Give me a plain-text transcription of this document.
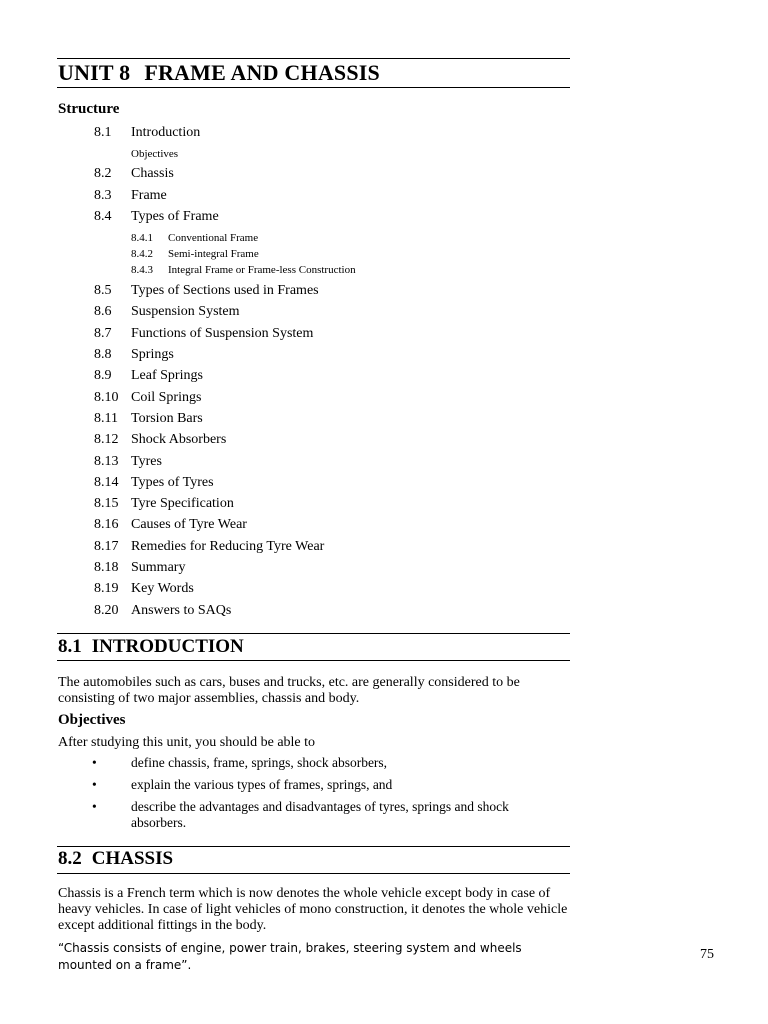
UNIT 8 FRAME AND CHASSIS
Structure
8.1	Introduction
Objectives
8.2	Chassis
8.3	Frame
8.4	Types of Frame
8.4.1	Conventional Frame
8.4.2	Semi-integral Frame
8.4.3	Integral Frame or Frame-less Construction
8.5	Types of Sections used in Frames
8.6	Suspension System
8.7	Functions of Suspension System
8.8	Springs
8.9	Leaf Springs
8.10 Coil Springs
8.11 Torsion Bars
8.12 Shock Absorbers
8.13 Tyres
8.14 Types of Tyres
8.15 Tyre Specification
8.16 Causes of Tyre Wear
8.17 Remedies for Reducing Tyre Wear
8.18 Summary
8.19 Key Words
8.20 Answers to SAQs
8.1 INTRODUCTION
The automobiles such as cars, buses and trucks, etc. are generally considered to be consisting of two major assemblies, chassis and body.
Objectives
After studying this unit, you should be able to
•	define chassis, frame, springs, shock absorbers,
•	explain the various types of frames, springs, and
•	describe the advantages and disadvantages of tyres, springs and shock absorbers.
8.2 CHASSIS
Chassis is a French term which is now denotes the whole vehicle except body in case of heavy vehicles. In case of light vehicles of mono construction, it denotes the whole vehicle except additional fittings in the body.
“Chassis consists of engine, power train, brakes, steering system and wheels mounted on a frame”.
75
